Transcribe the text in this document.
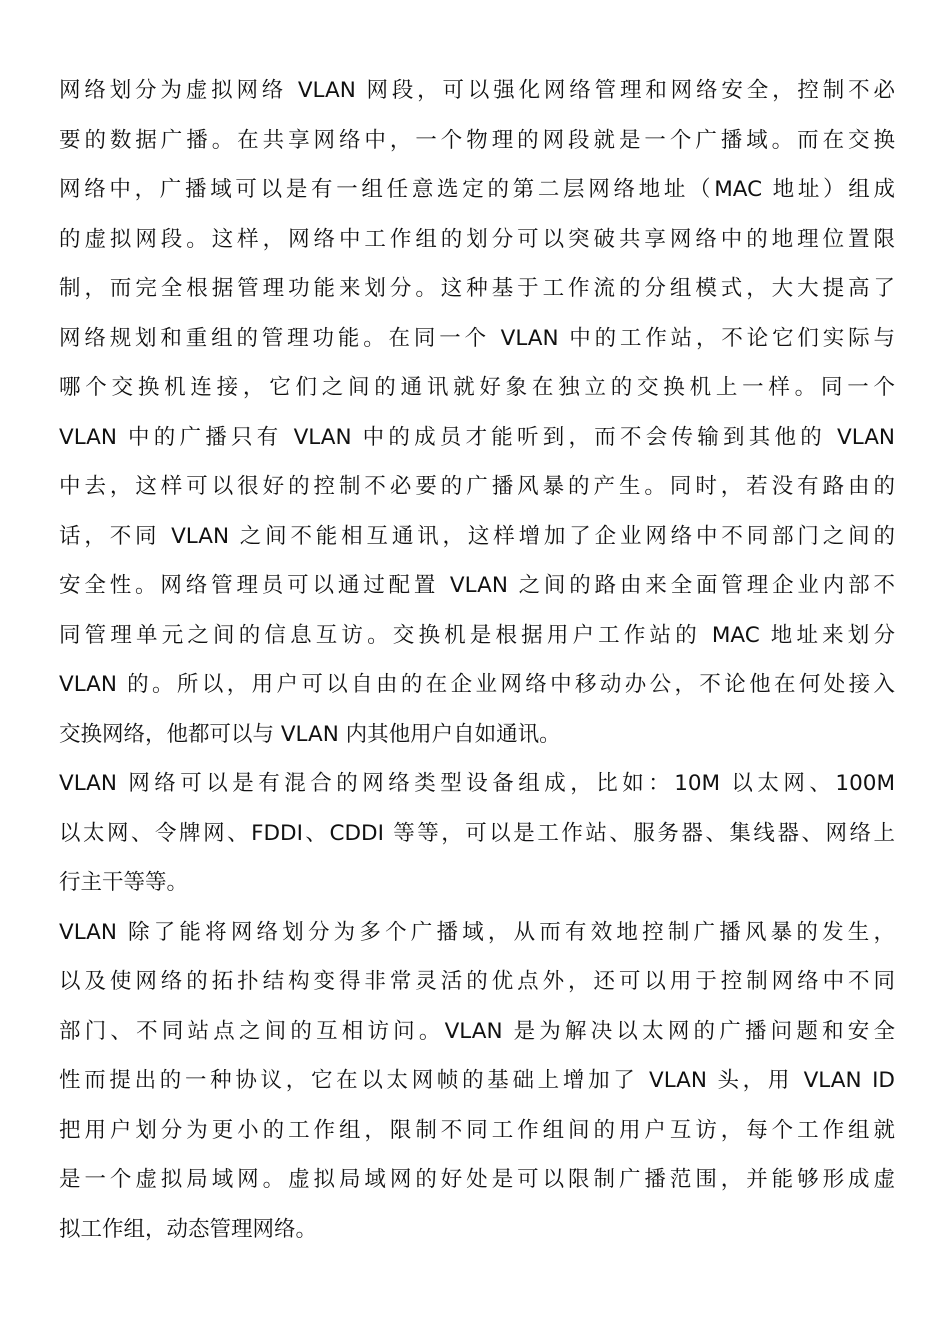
网络划分为虚拟网络 VLAN 网段，可以强化网络管理和网络安全，控制不必
要的数据广播。在共享网络中，一个物理的网段就是一个广播域。而在交换
网络中，广播域可以是有一组任意选定的第二层网络地址（MAC 地址）组成
的虚拟网段。这样，网络中工作组的划分可以突破共享网络中的地理位置限
制，而完全根据管理功能来划分。这种基于工作流的分组模式，大大提高了
网络规划和重组的管理功能。在同一个 VLAN 中的工作站，不论它们实际与
哪个交换机连接，它们之间的通讯就好象在独立的交换机上一样。同一个
VLAN 中的广播只有 VLAN 中的成员才能听到，而不会传输到其他的 VLAN
中去，这样可以很好的控制不必要的广播风暴的产生。同时，若没有路由的
话，不同 VLAN 之间不能相互通讯，这样增加了企业网络中不同部门之间的
安全性。网络管理员可以通过配置 VLAN 之间的路由来全面管理企业内部不
同管理单元之间的信息互访。交换机是根据用户工作站的 MAC 地址来划分
VLAN 的。所以，用户可以自由的在企业网络中移动办公，不论他在何处接入
交换网络，他都可以与 VLAN 内其他用户自如通讯。
VLAN 网络可以是有混合的网络类型设备组成，比如：10M 以太网、100M
以太网、令牌网、FDDI、CDDI 等等，可以是工作站、服务器、集线器、网络上
行主干等等。
VLAN 除了能将网络划分为多个广播域，从而有效地控制广播风暴的发生，
以及使网络的拓扑结构变得非常灵活的优点外，还可以用于控制网络中不同
部门、不同站点之间的互相访问。VLAN 是为解决以太网的广播问题和安全
性而提出的一种协议，它在以太网帧的基础上增加了 VLAN 头，用 VLAN ID
把用户划分为更小的工作组，限制不同工作组间的用户互访，每个工作组就
是一个虚拟局域网。虚拟局域网的好处是可以限制广播范围，并能够形成虚
拟工作组，动态管理网络。
